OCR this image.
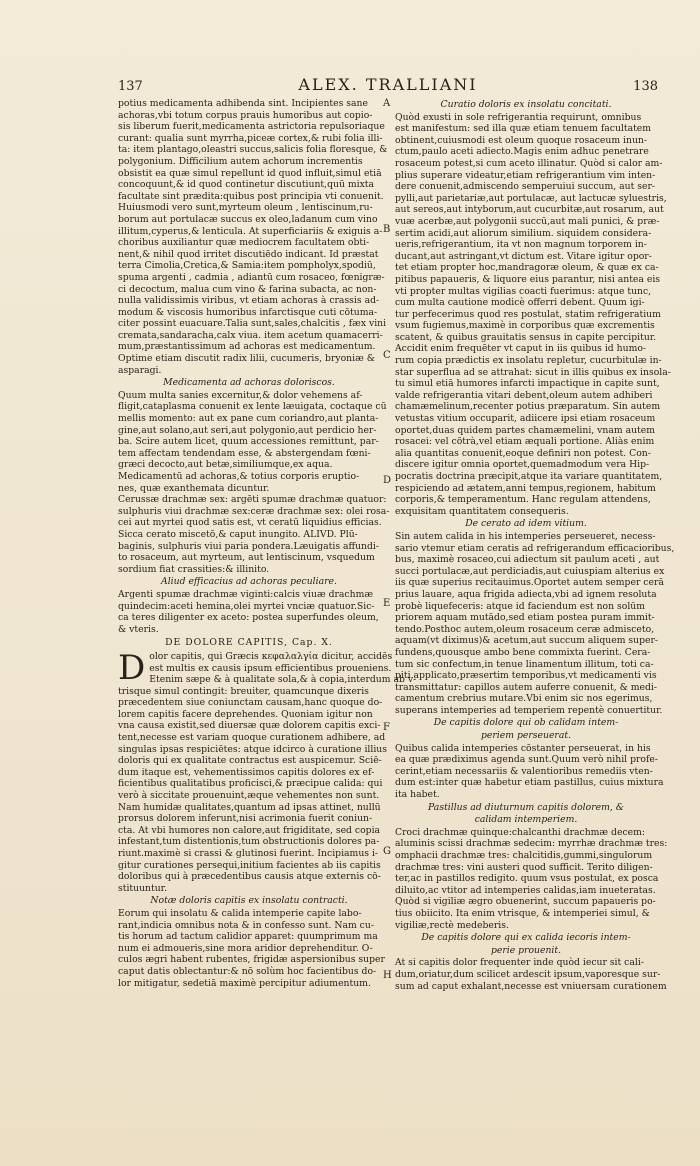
137	ALEX. TRALLIANI	138
potius medicamenta adhibenda sint. Incipientes sane
achoras,vbi totum corpus prauis humoribus aut copio-
sis liberum fuerit,medicamenta astrictoria repulsoriaque
curant: qualia sunt myrrha,piceæ cortex,& rubi folia illi-
ta: item plantago,oleastri succus,salicis folia floresque, &
polygonium. Difficilium autem achorum incrementis
obsistit ea quæ simul repellunt id quod influit,simul etiā
concoquunt,& id quod continetur discutiunt,quū mixta
facultate sint prædita:quibus post principia vti conuenit.
Huiusmodi vero sunt,myrteum oleum , lentiscinum,ru-
borum aut portulacæ succus ex oleo,ladanum cum vino
illitum,cyperus,& lenticula. At superficiariis & exiguis a-
choribus auxiliantur quæ mediocrem facultatem obti-
nent,& nihil quod irritet discutiēdo indicant. Id præstat
terra Cimolia,Cretica,& Samia:item pompholyx,spodiū,
spuma argenti , cadmia , adiantū cum rosaceo, fœnigræ-
ci decoctum, malua cum vino & farina subacta, ac non-
nulla validissimis viribus, vt etiam achoras à crassis ad-
modum & viscosis humoribus infarctisque cuti cōtuma-
citer possint euacuare.Talia sunt,sales,chalcitis , fæx vini
cremata,sandaracha,calx viua. item acetum quamacerri-
mum,præstantissimum ad achoras est medicamentum.
Optime etiam discutit radix lilii, cucumeris, bryoniæ &
asparagi.

Medicamenta ad achoras doloriscos.

Quum multa sanies excernitur,& dolor vehemens af-
fligit,cataplasma conuenit ex lente læuigata, coctaque cū
mellis momento: aut ex pane cum coriandro,aut planta-
gine,aut solano,aut seri,aut polygonio,aut perdicio her-
ba. Scire autem licet, quum accessiones remittunt, par-
tem affectam tendendam esse, & abstergendam fœni-
græci decocto,aut betæ,similiumque,ex aqua.
Medicamentū ad achoras,& totius corporis eruptio-
nes, quæ exanthemata dicuntur.
Cerussæ drachmæ sex: argēti spumæ drachmæ quatuor:
sulphuris viui drachmæ sex:ceræ drachmæ sex: olei rosa-
cei aut myrtei quod satis est, vt ceratū liquidius efficias.
Sicca cerato miscetō,& caput inungito. ALIVD. Plū-
baginis, sulphuris viui paria pondera.Læuigatis affundi-
to rosaceum, aut myrteum, aut lentiscinum, vsquedum
sordium fiat crassities:& illinito.

Aliud efficacius ad achoras peculiare.

Argenti spumæ drachmæ viginti:calcis viuæ drachmæ
quindecim:aceti hemina,olei myrtei vnciæ quatuor.Sic-
ca teres diligenter ex aceto: postea superfundes oleum,
& vteris.

DE DOLORE CAPITIS, Cap. X.

D olor capitis, qui Græcis κεφαλαλγία dicitur, accidēs
est multis ex causis ipsum efficientibus proueniens.
Etenim sæpe & à qualitate sola,& à copia,interdum ab v-
trisque simul contingit: breuiter, quamcunque dixeris
præcedentem siue coniunctam causam,hanc quoque do-
lorem capitis facere deprehendes. Quoniam igitur non
vna causa existit,sed diuersæ quæ dolorem capitis exci-
tent,necesse est variam quoque curationem adhibere, ad
singulas ipsas respiciētes: atque idcirco à curatione illius
doloris qui ex qualitate contractus est auspicemur. Sciē-
dum itaque est, vehementissimos capitis dolores ex ef-
ficientibus qualitatibus proficisci,& præcipue calida: qui
verò à siccitate prouenuint,æque vehementes non sunt.
Nam humidæ qualitates,quantum ad ipsas attinet, nullū
prorsus dolorem inferunt,nisi acrimonia fuerit coniun-
cta. At vbi humores non calore,aut frigiditate, sed copia
infestant,tum distentionis,tum obstructionis dolores pa-
riunt.maximè si crassi & glutinosi fuerint. Incipiamus i-
gitur curationes persequi,initium facientes ab iis capitis
doloribus qui à præcedentibus causis atque externis cō-
stituuntur.

Notæ doloris capitis ex insolatu contracti.

Eorum qui insolatu & calida intemperie capite labo-
rant,indicia omnibus nota & in confesso sunt. Nam cu-
tis horum ad tactum calidior apparet: quumprimum ma
num ei admoueris,sine mora aridior deprehenditur. O-
culos ægri habent rubentes, frigidæ aspersionibus super
caput datis oblectantur:& nō solùm hoc facientibus do-
lor mitigatur, sedetiā maximè percipitur adiumentum.
A
B
C
D
E
F
G
H

Curatio doloris ex insolatu concitati.

Quòd exusti in sole refrigerantia requirunt, omnibus
est manifestum: sed illa quæ etiam tenuem facultatem
obtinent,cuiusmodi est oleum quoque rosaceum inun-
ctum,paulo aceti adiecto.Magis enim adhuc penetrare
rosaceum potest,si cum aceto illinatur. Quòd si calor am-
plius superare videatur,etiam refrigerantium vim inten-
dere conuenit,admiscendo semperuiui succum, aut ser-
pylli,aut parietariæ,aut portulacæ, aut lactucæ syluestris,
aut sereos,aut intyborum,aut cucurbitæ,aut rosarum, aut
vuæ acerbæ,aut polygonii succū,aut mali punici, & præ-
sertim acidi,aut aliorum similium. siquidem considera-
ueris,refrigerantium, ita vt non magnum torporem in-
ducant,aut astringant,vt dictum est. Vitare igitur opor-
tet etiam propter hoc,mandragoræ oleum, & quæ ex ca-
pitibus papaueris, & liquore eius parantur, nisi antea eis
vti propter multas vigilias coacti fuerimus: atque tunc,
cum multa cautione modicè offerri debent. Quum igi-
tur perfecerimus quod res postulat, statim refrigeratium
vsum fugiemus,maximè in corporibus quæ excrementis
scatent, & quibus grauitatis sensus in capite percipitur.
Accidit enim frequēter vt caput in iis quibus id humo-
rum copia prædictis ex insolatu repletur, cucurbitulæ in-
star superflua ad se attrahat: sicut in illis quibus ex insola-
tu simul etiā humores infarcti impactique in capite sunt,
valde refrigerantia vitari debent,oleum autem adhiberi
chamæmelinum,recenter potius præparatum. Sin autem
vetustas vitium occuparit, adiicere ipsi etiam rosaceum
oportet,duas quidem partes chamæmelini, vnam autem
rosacei: vel cōtrà,vel etiam æquali portione. Aliàs enim
alia quantitas conuenit,eoque definiri non potest. Con-
discere igitur omnia oportet,quemadmodum vera Hip-
pocratis doctrina præcipit,atque ita variare quantitatem,
respiciendo ad ætatem,anni tempus,regionem, habitum
corporis,& temperamentum. Hanc regulam attendens,
exquisitam quantitatem consequeris.

De cerato ad idem vitium.

Sin autem calida in his intemperies perseueret, necess-
sario vtemur etiam ceratis ad refrigerandum efficacioribus,
bus, maximè rosaceo,cui adiectum sit paulum aceti , aut
succi portulacæ,aut perdiciadis,aut cuiuspiam alterius ex
iis quæ superius recitauimus.Oportet autem semper cerā
prius lauare, aqua frigida adiecta,vbi ad ignem resoluta
probè liquefeceris: atque id faciendum est non solūm
priorem aquam mutādo,sed etiam postea puram immit-
tendo.Posthoc autem,oleum rosaceum ceræ admisceto,
aquam(vt diximus)& acetum,aut succum aliquem super-
fundens,quousque ambo bene commixta fuerint. Cera-
tum sic confectum,in tenue linamentum illitum, toti ca-
piti applicato,præsertim temporibus,vt medicamenti vis
transmittatur: capillos autem auferre conuenit, & medi-
camentum crebrius mutare.Vbi enim sic nos egerimus,
superans intemperies ad temperiem repentè conuertitur.

De capitis dolore qui ob calidam intem-

periem perseuerat.

Quibus calida intemperies cōstanter perseuerat, in his
ea quæ prædiximus agenda sunt.Quum verò nihil profe-
cerint,etiam necessariis & valentioribus remediis vten-
dum est:inter quæ habetur etiam pastillus, cuius mixtura
ita habet.

Pastillus ad diuturnum capitis dolorem, &

calidam intemperiem.

Croci drachmæ quinque:chalcanthi drachmæ decem:
aluminis scissi drachmæ sedecim: myrrhæ drachmæ tres:
omphacii drachmæ tres: chalcitidis,gummi,singulorum
drachmæ tres: vini austeri quod sufficit. Terito diligen-
ter,ac in pastillos redigito. quum vsus postulat, ex posca
diluito,ac vtitor ad intemperies calidas,iam inueteratas.
Quòd si vigiliæ ægro obuenerint, succum papaueris po-
tius obiicito. Ita enim vtrisque, & intemperiei simul, &
vigiliæ,rectè medeberis.

De capitis dolore qui ex calida iecoris intem-

perie prouenit.

At si capitis dolor frequenter inde quòd iecur sit cali-
dum,oriatur,dum scilicet ardescit ipsum,vaporesque sur-
sum ad caput exhalant,necesse est vniuersam curationem
